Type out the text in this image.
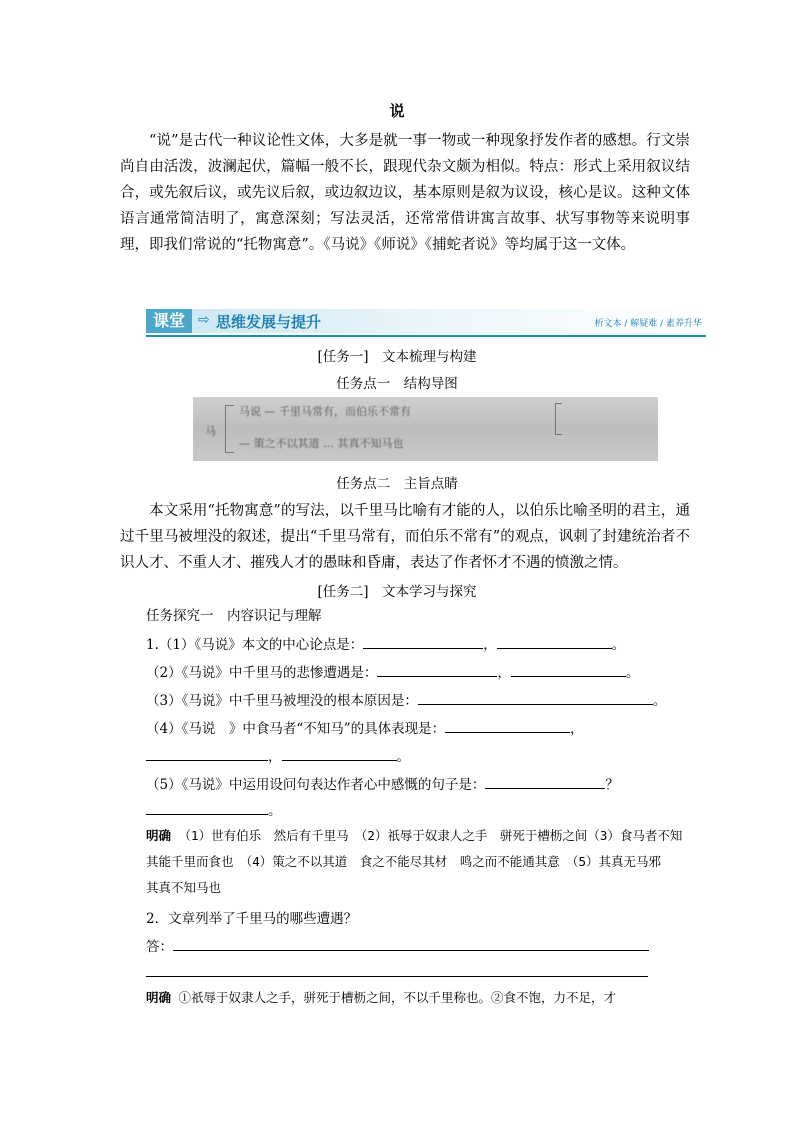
说
“说”是古代一种议论性文体，大多是就一事一物或一种现象抒发作者的感想。行文崇尚自由活泼，波澜起伏，篇幅一般不长，跟现代杂文颇为相似。特点：形式上采用叙议结合，或先叙后议，或先议后叙，或边叙边议，基本原则是叙为议设，核心是议。这种文体语言通常简洁明了，寓意深刻；写法灵活，还常常借讲寓言故事、状写事物等来说明事理，即我们常说的“托物寓意”。《马说》《师说》《捕蛇者说》等均属于这一文体。
课堂 ⇨ 思维发展与提升	析文本 / 解疑难 / 素养升华
[任务一]　文本梳理与构建
任务点一　结构导图
马
马说 — 千里马常有，而伯乐不常有
— 策之不以其道 … 其真不知马也
任务点二　主旨点睛
本文采用“托物寓意”的写法，以千里马比喻有才能的人，以伯乐比喻圣明的君主，通过千里马被埋没的叙述，提出“千里马常有，而伯乐不常有”的观点，讽刺了封建统治者不识人才、不重人才、摧残人才的愚昧和昏庸，表达了作者怀才不遇的愤激之情。
[任务二]　文本学习与探究
任务探究一　内容识记与理解
1.（1）《马说》本文的中心论点是：	，	。
（2）《马说》中千里马的悲惨遭遇是：	，	。
（3）《马说》中千里马被埋没的根本原因是：	。
（4）《马说　》中食马者“不知马”的具体表现是：	，
，	。
（5）《马说》中运用设问句表达作者心中感慨的句子是：	？
。
明确 （1）世有伯乐　然后有千里马　（2）祇辱于奴隶人之手　骈死于槽枥之间（3）食马者不知其能千里而食也　（4）策之不以其道　食之不能尽其材　鸣之而不能通其意　（5）其真无马邪　其真不知马也
2．文章列举了千里马的哪些遭遇？
答：
明确 ①祇辱于奴隶人之手，骈死于槽枥之间，不以千里称也。②食不饱，力不足，才
